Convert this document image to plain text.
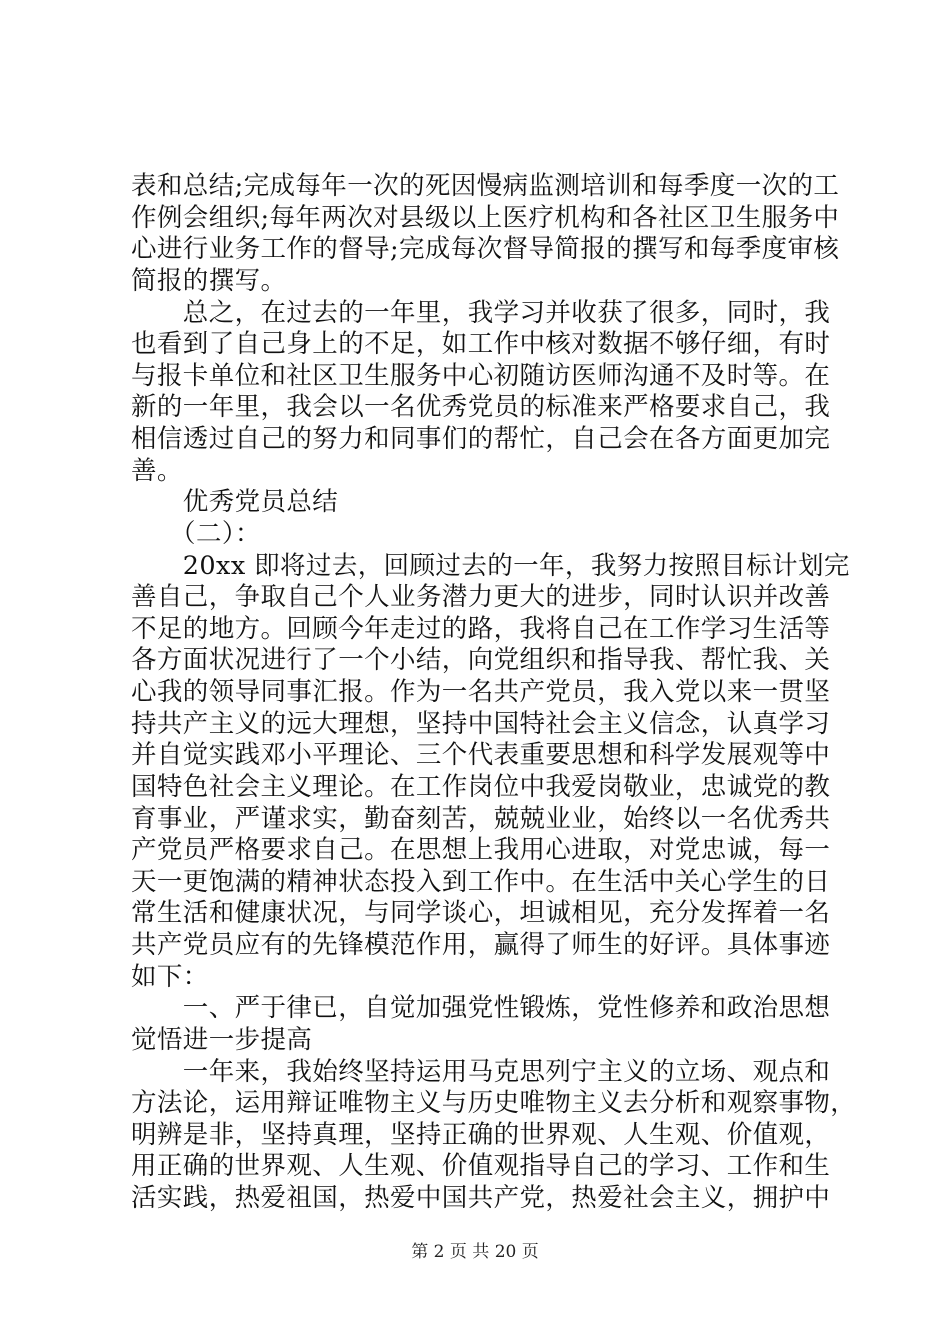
表和总结;完成每年一次的死因慢病监测培训和每季度一次的工
作例会组织;每年两次对县级以上医疗机构和各社区卫生服务中
心进行业务工作的督导;完成每次督导简报的撰写和每季度审核
简报的撰写。
　　总之，在过去的一年里，我学习并收获了很多，同时，我
也看到了自己身上的不足，如工作中核对数据不够仔细，有时
与报卡单位和社区卫生服务中心初随访医师沟通不及时等。在
新的一年里，我会以一名优秀党员的标准来严格要求自己，我
相信透过自己的努力和同事们的帮忙，自己会在各方面更加完
善。
　　优秀党员总结
　　（二）：
　　20xx 即将过去，回顾过去的一年，我努力按照目标计划完
善自己，争取自己个人业务潜力更大的进步，同时认识并改善
不足的地方。回顾今年走过的路，我将自己在工作学习生活等
各方面状况进行了一个小结，向党组织和指导我、帮忙我、关
心我的领导同事汇报。作为一名共产党员，我入党以来一贯坚
持共产主义的远大理想，坚持中国特社会主义信念，认真学习
并自觉实践邓小平理论、三个代表重要思想和科学发展观等中
国特色社会主义理论。在工作岗位中我爱岗敬业，忠诚党的教
育事业，严谨求实，勤奋刻苦，兢兢业业，始终以一名优秀共
产党员严格要求自己。在思想上我用心进取，对党忠诚，每一
天一更饱满的精神状态投入到工作中。在生活中关心学生的日
常生活和健康状况，与同学谈心，坦诚相见，充分发挥着一名
共产党员应有的先锋模范作用，赢得了师生的好评。具体事迹
如下：
　　一、严于律已，自觉加强党性锻炼，党性修养和政治思想
觉悟进一步提高
　　一年来，我始终坚持运用马克思列宁主义的立场、观点和
方法论，运用辩证唯物主义与历史唯物主义去分析和观察事物，
明辨是非，坚持真理，坚持正确的世界观、人生观、价值观，
用正确的世界观、人生观、价值观指导自己的学习、工作和生
活实践，热爱祖国，热爱中国共产党，热爱社会主义，拥护中
第 2 页 共 20 页
